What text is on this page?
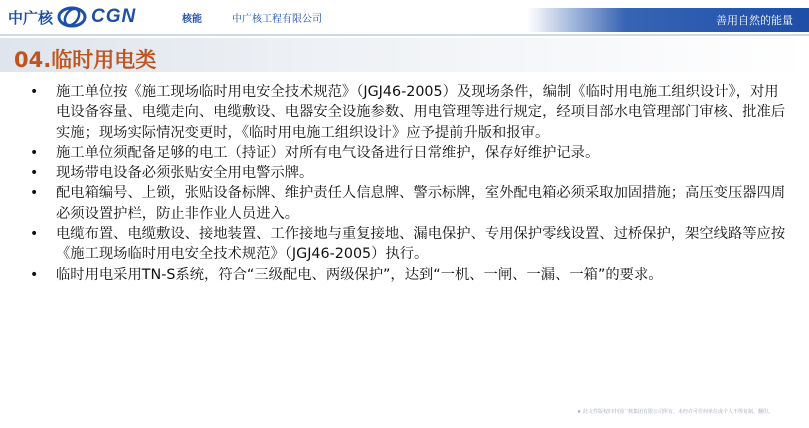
中广核 CGN	核能	中广核工程有限公司	善用自然的能量
04.临时用电类
• 施工单位按《施工现场临时用电安全技术规范》（JGJ46-2005）及现场条件，编制《临时用电施工组织设计》，对用电设备容量、电缆走向、电缆敷设、电器安全设施参数、用电管理等进行规定，经项目部水电管理部门审核、批准后实施；现场实际情况变更时，《临时用电施工组织设计》应予提前升版和报审。
• 施工单位须配备足够的电工（持证）对所有电气设备进行日常维护，保存好维护记录。
• 现场带电设备必须张贴安全用电警示牌。
• 配电箱编号、上锁，张贴设备标牌、维护责任人信息牌、警示标牌，室外配电箱必须采取加固措施；高压变压器四周必须设置护栏，防止非作业人员进入。
• 电缆布置、电缆敷设、接地装置、工作接地与重复接地、漏电保护、专用保护零线设置、过桥保护，架空线路等应按《施工现场临时用电安全技术规范》（JGJ46-2005）执行。
• 临时用电采用TN-S系统，符合“三级配电、两级保护”，达到“一机、一闸、一漏、一箱”的要求。
★ 此文件版权归中国广核集团有限公司所有，未经许可任何单位或个人不得复制、翻印。
